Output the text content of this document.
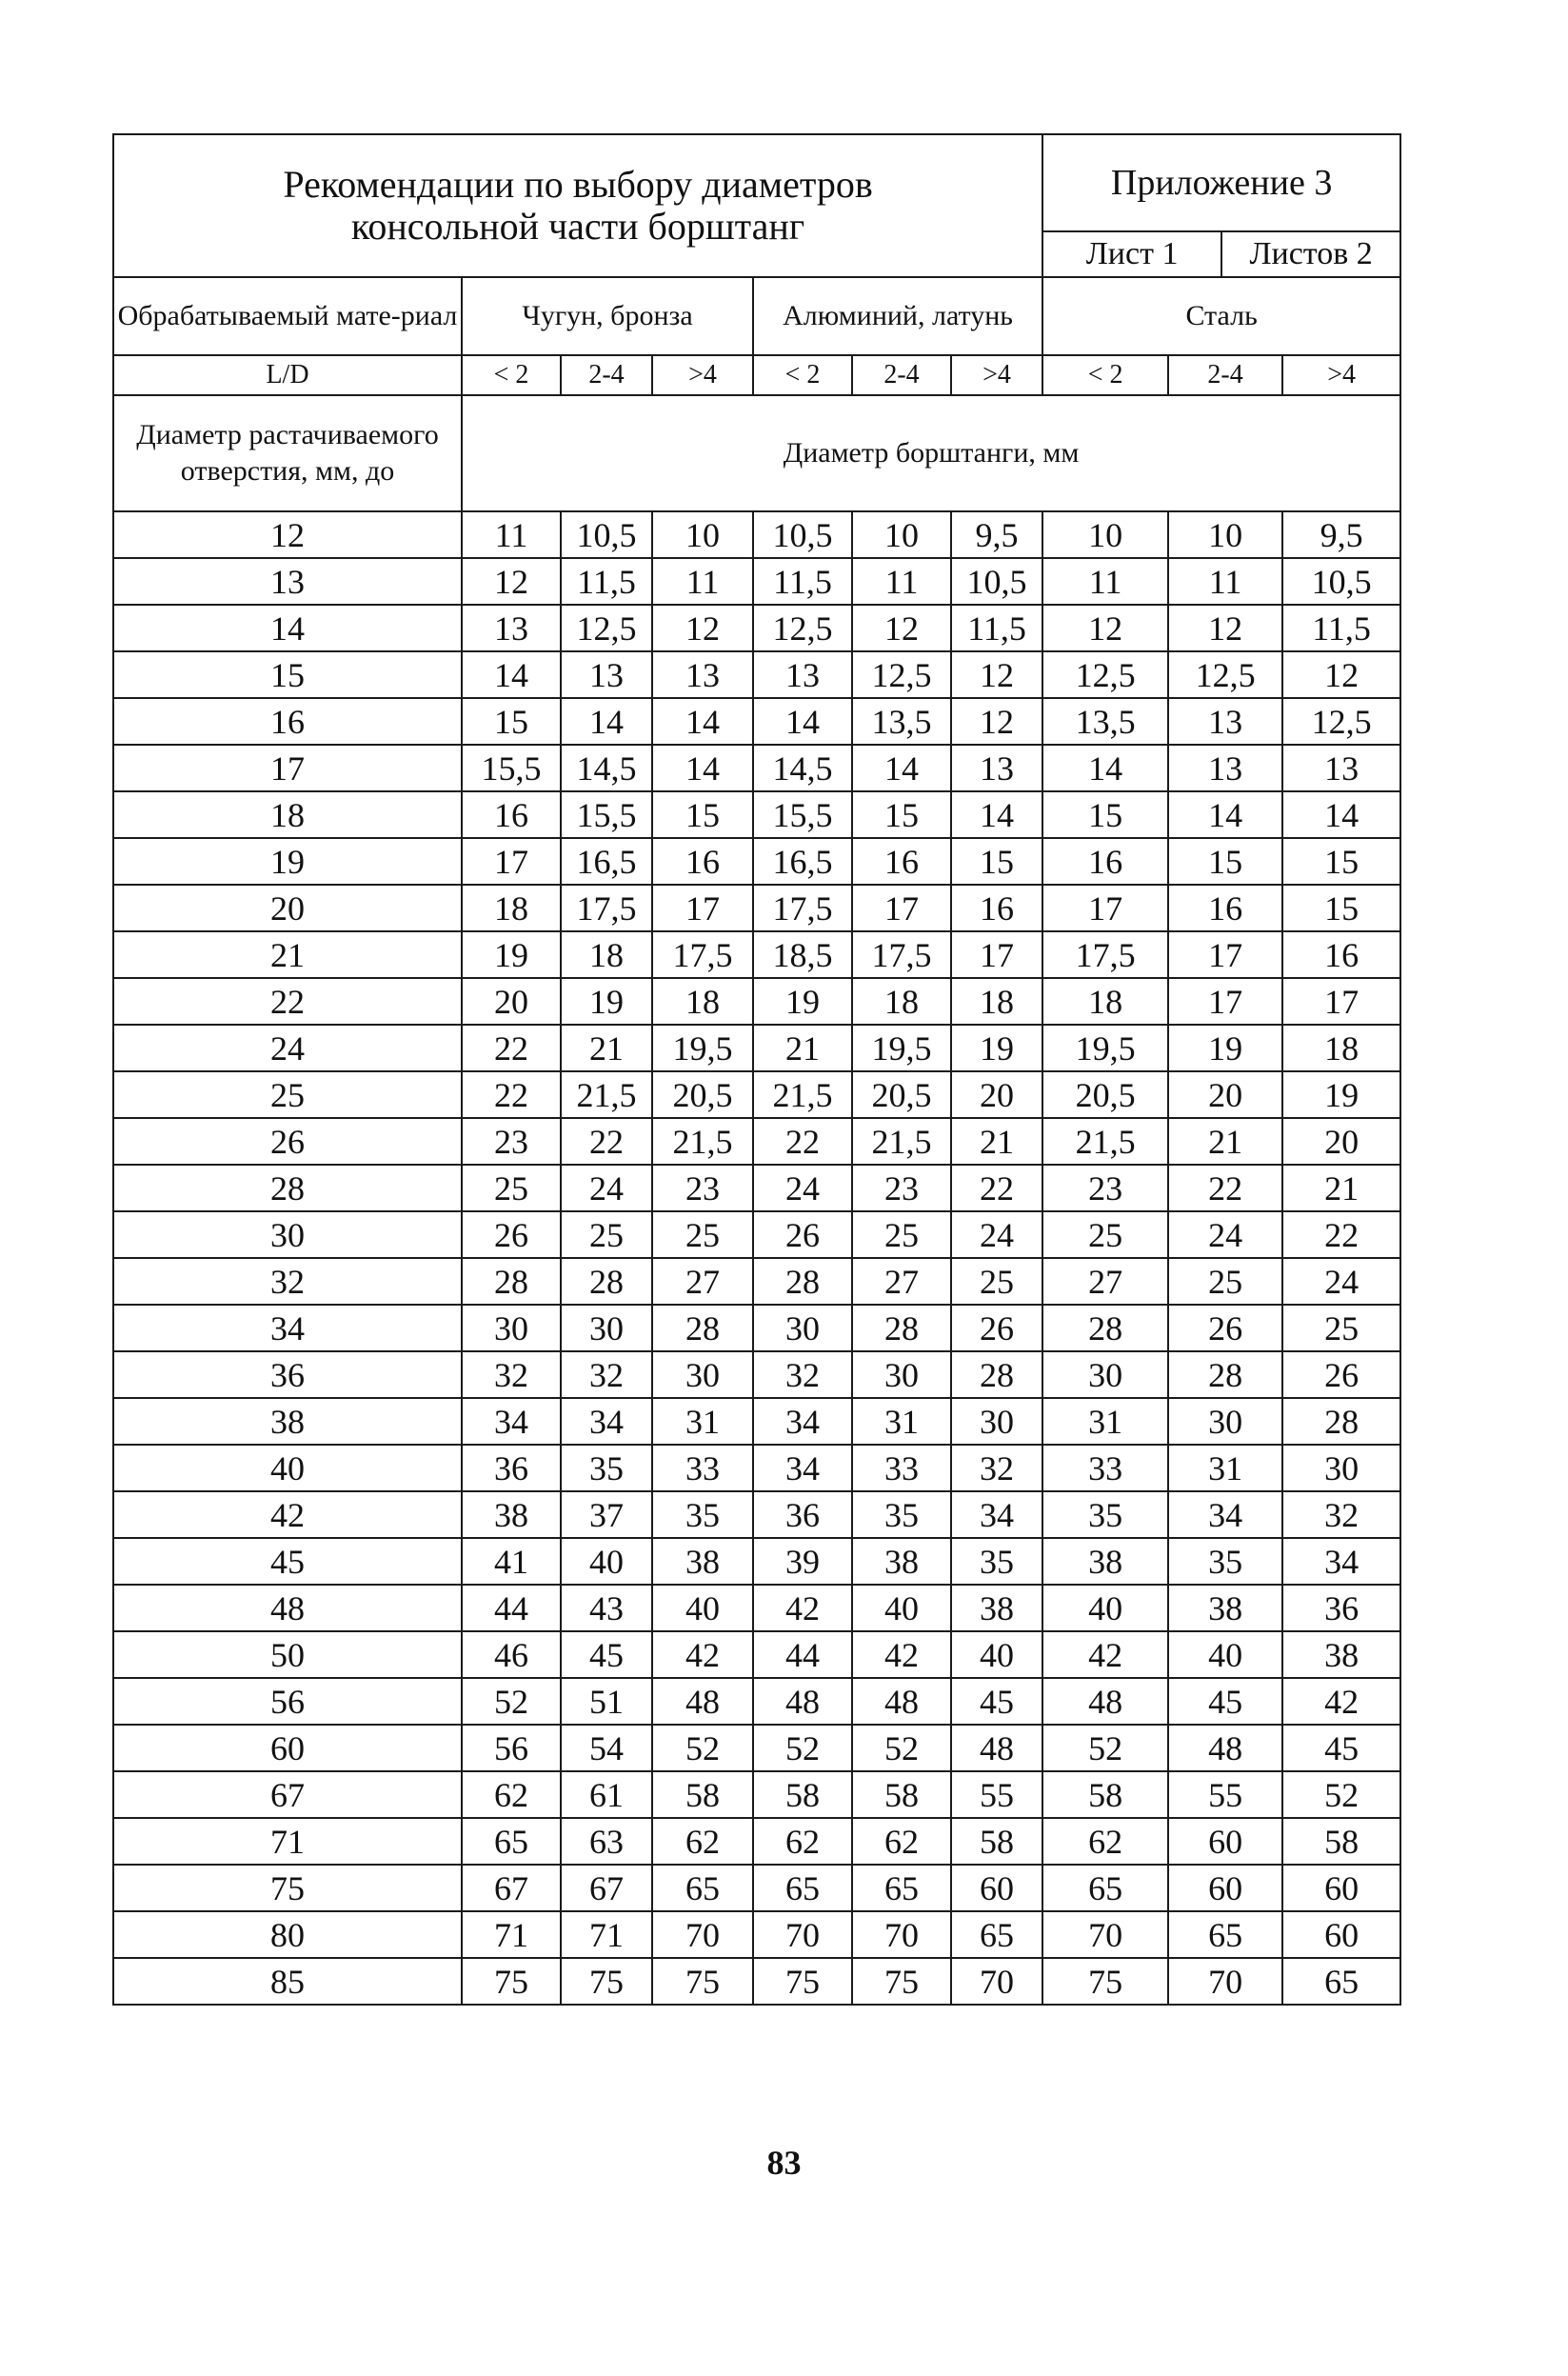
Рекомендации по выбору диаметров
консольной части борштанг							Приложение 3		

Лист 1 Листов 2		

Обрабатываемый мате-риал	Чугун, бронза			Алюминий, латунь			Сталь		
L/D	< 2	2-4	>4	< 2	2-4	>4	< 2	2-4	>4
Диаметр растачиваемого отверстия, мм, до	Диаметр борштанги, мм								
12	11	10,5	10	10,5	10	9,5	10	10	9,5
13	12	11,5	11	11,5	11	10,5	11	11	10,5
14	13	12,5	12	12,5	12	11,5	12	12	11,5
15	14	13	13	13	12,5	12	12,5	12,5	12
16	15	14	14	14	13,5	12	13,5	13	12,5
17	15,5	14,5	14	14,5	14	13	14	13	13
18	16	15,5	15	15,5	15	14	15	14	14
19	17	16,5	16	16,5	16	15	16	15	15
20	18	17,5	17	17,5	17	16	17	16	15
21	19	18	17,5	18,5	17,5	17	17,5	17	16
22	20	19	18	19	18	18	18	17	17
24	22	21	19,5	21	19,5	19	19,5	19	18
25	22	21,5	20,5	21,5	20,5	20	20,5	20	19
26	23	22	21,5	22	21,5	21	21,5	21	20
28	25	24	23	24	23	22	23	22	21
30	26	25	25	26	25	24	25	24	22
32	28	28	27	28	27	25	27	25	24
34	30	30	28	30	28	26	28	26	25
36	32	32	30	32	30	28	30	28	26
38	34	34	31	34	31	30	31	30	28
40	36	35	33	34	33	32	33	31	30
42	38	37	35	36	35	34	35	34	32
45	41	40	38	39	38	35	38	35	34
48	44	43	40	42	40	38	40	38	36
50	46	45	42	44	42	40	42	40	38
56	52	51	48	48	48	45	48	45	42
60	56	54	52	52	52	48	52	48	45
67	62	61	58	58	58	55	58	55	52
71	65	63	62	62	62	58	62	60	58
75	67	67	65	65	65	60	65	60	60
80	71	71	70	70	70	65	70	65	60
85	75	75	75	75	75	70	75	70	65
83
